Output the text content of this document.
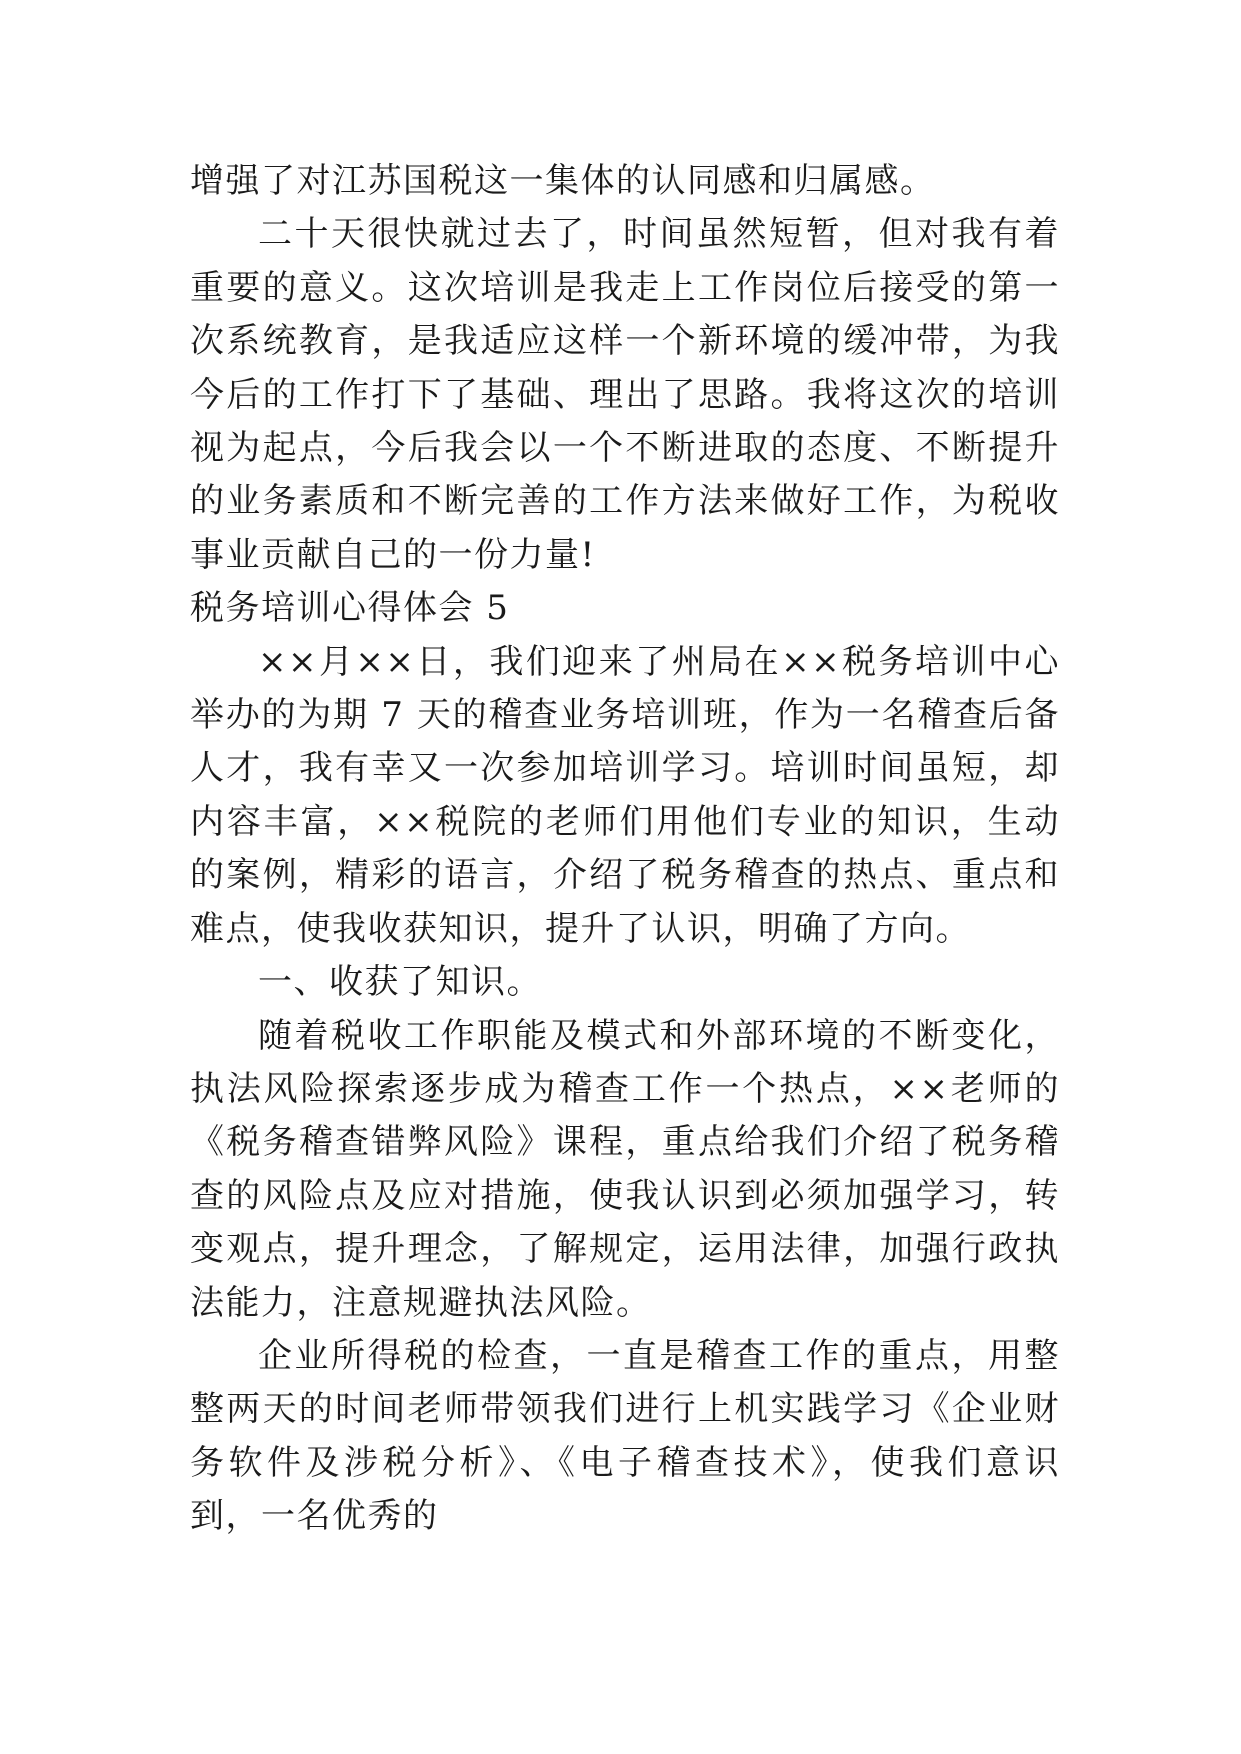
增强了对江苏国税这一集体的认同感和归属感。

二十天很快就过去了，时间虽然短暂，但对我有着重要的意义。这次培训是我走上工作岗位后接受的第一次系统教育，是我适应这样一个新环境的缓冲带，为我今后的工作打下了基础、理出了思路。我将这次的培训视为起点，今后我会以一个不断进取的态度、不断提升的业务素质和不断完善的工作方法来做好工作，为税收事业贡献自己的一份力量!

税务培训心得体会 5

××月××日，我们迎来了州局在××税务培训中心举办的为期 7 天的稽查业务培训班，作为一名稽查后备人才，我有幸又一次参加培训学习。培训时间虽短，却内容丰富，××税院的老师们用他们专业的知识，生动的案例，精彩的语言，介绍了税务稽查的热点、重点和难点，使我收获知识，提升了认识，明确了方向。

一、收获了知识。

随着税收工作职能及模式和外部环境的不断变化，执法风险探索逐步成为稽查工作一个热点，××老师的《税务稽查错弊风险》课程，重点给我们介绍了税务稽查的风险点及应对措施，使我认识到必须加强学习，转变观点，提升理念，了解规定，运用法律，加强行政执法能力，注意规避执法风险。

企业所得税的检查，一直是稽查工作的重点，用整整两天的时间老师带领我们进行上机实践学习《企业财务软件及涉税分析》、《电子稽查技术》，使我们意识到，一名优秀的
